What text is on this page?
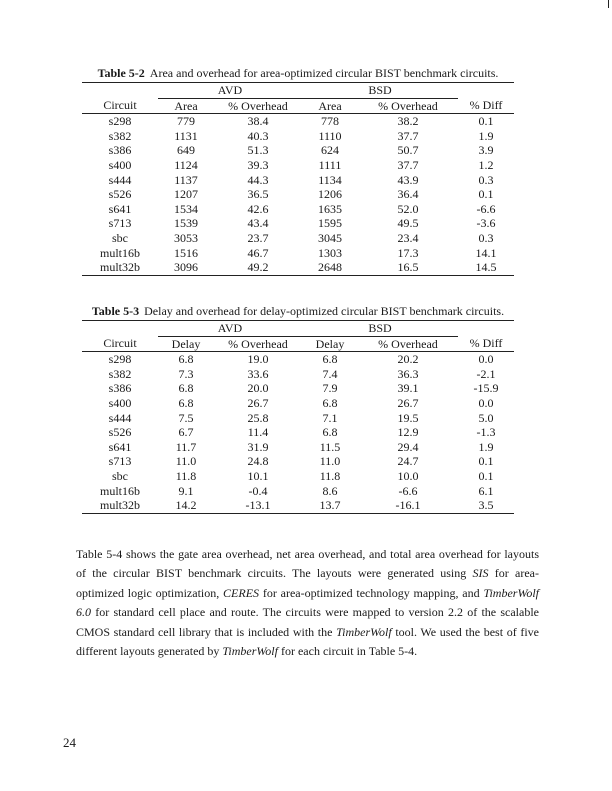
Table 5-2 Area and overhead for area-optimized circular BIST benchmark circuits.
	AVD		BSD		
Circuit	Area	% Overhead	Area	% Overhead	% Diff
s298	779	38.4	778	38.2	0.1
s382	1131	40.3	1110	37.7	1.9
s386	649	51.3	624	50.7	3.9
s400	1124	39.3	1111	37.7	1.2
s444	1137	44.3	1134	43.9	0.3
s526	1207	36.5	1206	36.4	0.1
s641	1534	42.6	1635	52.0	-6.6
s713	1539	43.4	1595	49.5	-3.6
sbc	3053	23.7	3045	23.4	0.3
mult16b	1516	46.7	1303	17.3	14.1
mult32b	3096	49.2	2648	16.5	14.5
Table 5-3 Delay and overhead for delay-optimized circular BIST benchmark circuits.
	AVD		BSD		
Circuit	Delay	% Overhead	Delay	% Overhead	% Diff
s298	6.8	19.0	6.8	20.2	0.0
s382	7.3	33.6	7.4	36.3	-2.1
s386	6.8	20.0	7.9	39.1	-15.9
s400	6.8	26.7	6.8	26.7	0.0
s444	7.5	25.8	7.1	19.5	5.0
s526	6.7	11.4	6.8	12.9	-1.3
s641	11.7	31.9	11.5	29.4	1.9
s713	11.0	24.8	11.0	24.7	0.1
sbc	11.8	10.1	11.8	10.0	0.1
mult16b	9.1	-0.4	8.6	-6.6	6.1
mult32b	14.2	-13.1	13.7	-16.1	3.5
Table 5-4 shows the gate area overhead, net area overhead, and total area overhead for layouts of the circular BIST benchmark circuits. The layouts were generated using SIS for area-optimized logic optimization, CERES for area-optimized technology mapping, and TimberWolf 6.0 for standard cell place and route. The circuits were mapped to version 2.2 of the scalable CMOS standard cell library that is included with the TimberWolf tool. We used the best of five different layouts generated by TimberWolf for each circuit in Table 5-4.
24
